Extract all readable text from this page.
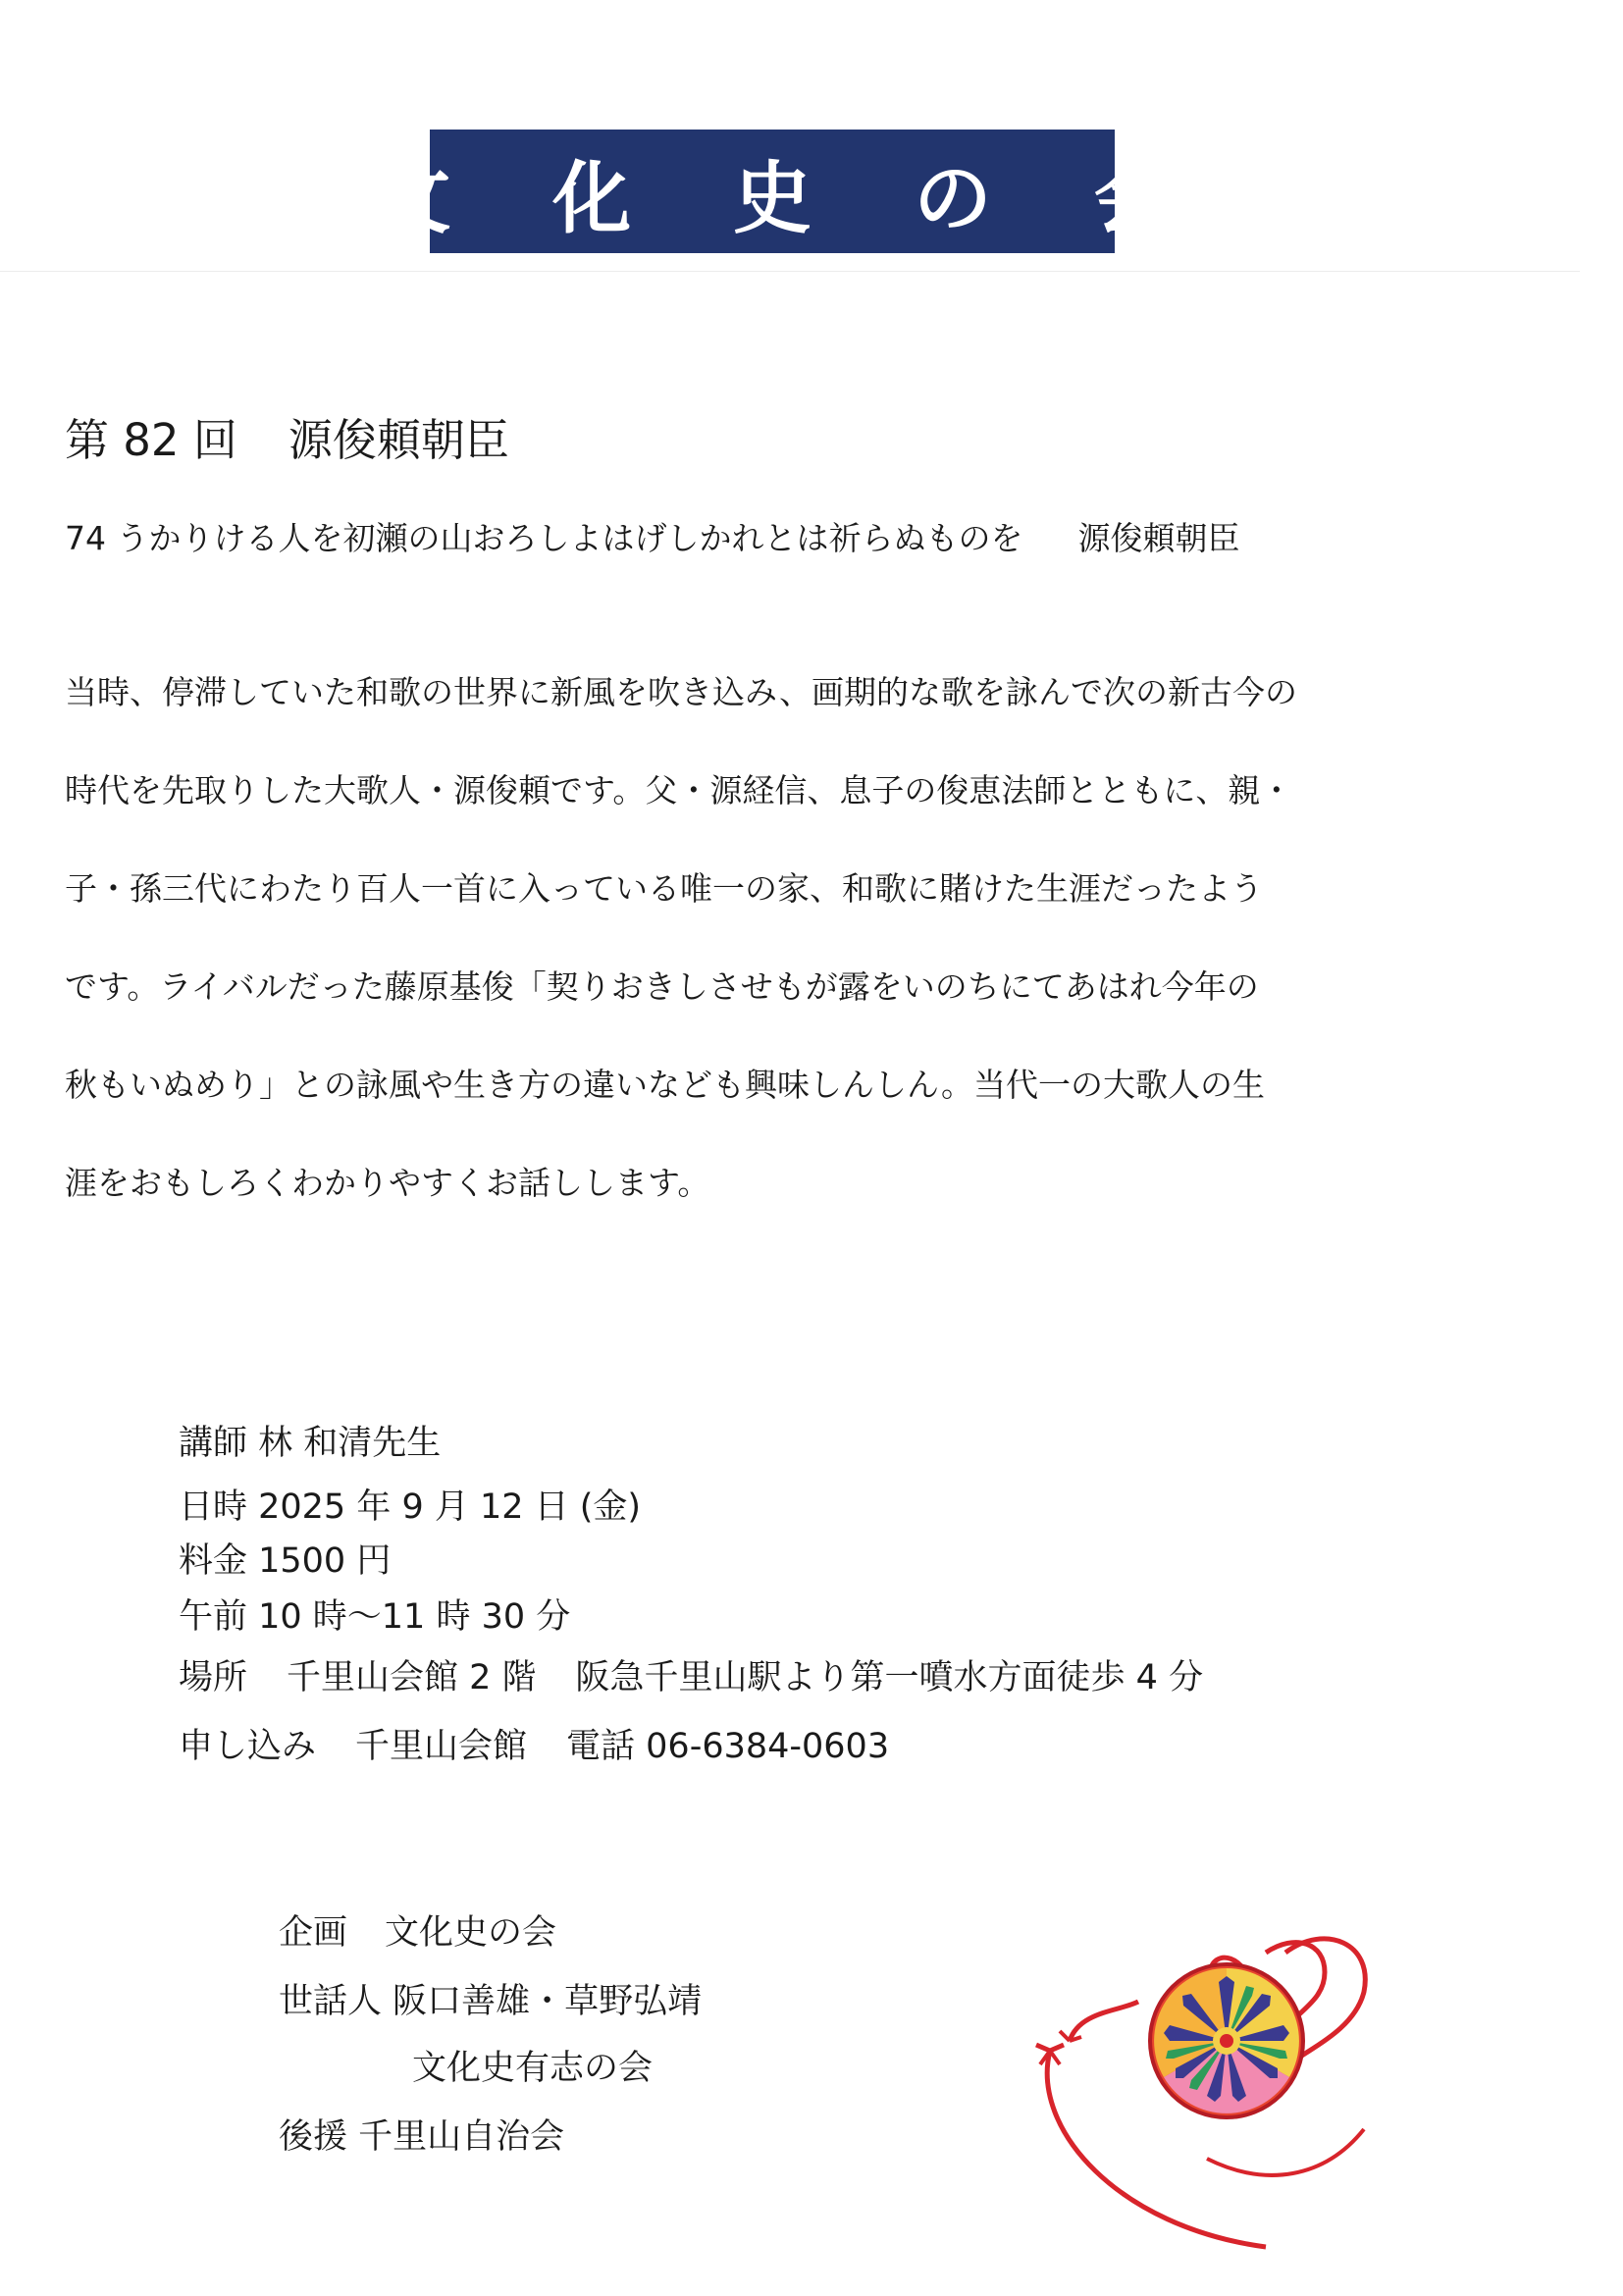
文 化 史 の 会
第 82 回 源俊頼朝臣
74 うかりける人を初瀬の山おろしよはげしかれとは祈らぬものを 源俊頼朝臣
当時、停滞していた和歌の世界に新風を吹き込み、画期的な歌を詠んで次の新古今の
時代を先取りした大歌人・源俊頼です。父・源経信、息子の俊恵法師とともに、親・
子・孫三代にわたり百人一首に入っている唯一の家、和歌に賭けた生涯だったよう
です。ライバルだった藤原基俊「契りおきしさせもが露をいのちにてあはれ今年の
秋もいぬめり」との詠風や生き方の違いなども興味しんしん。当代一の大歌人の生
涯をおもしろくわかりやすくお話しします。
講師 林 和清先生
日時 2025 年 9 月 12 日 (金)
料金 1500 円
午前 10 時～11 時 30 分
場所 千里山会館 2 階 阪急千里山駅より第一噴水方面徒歩 4 分
申し込み 千里山会館 電話 06-6384-0603
企画 文化史の会
世話人 阪口善雄・草野弘靖
文化史有志の会
後援 千里山自治会
